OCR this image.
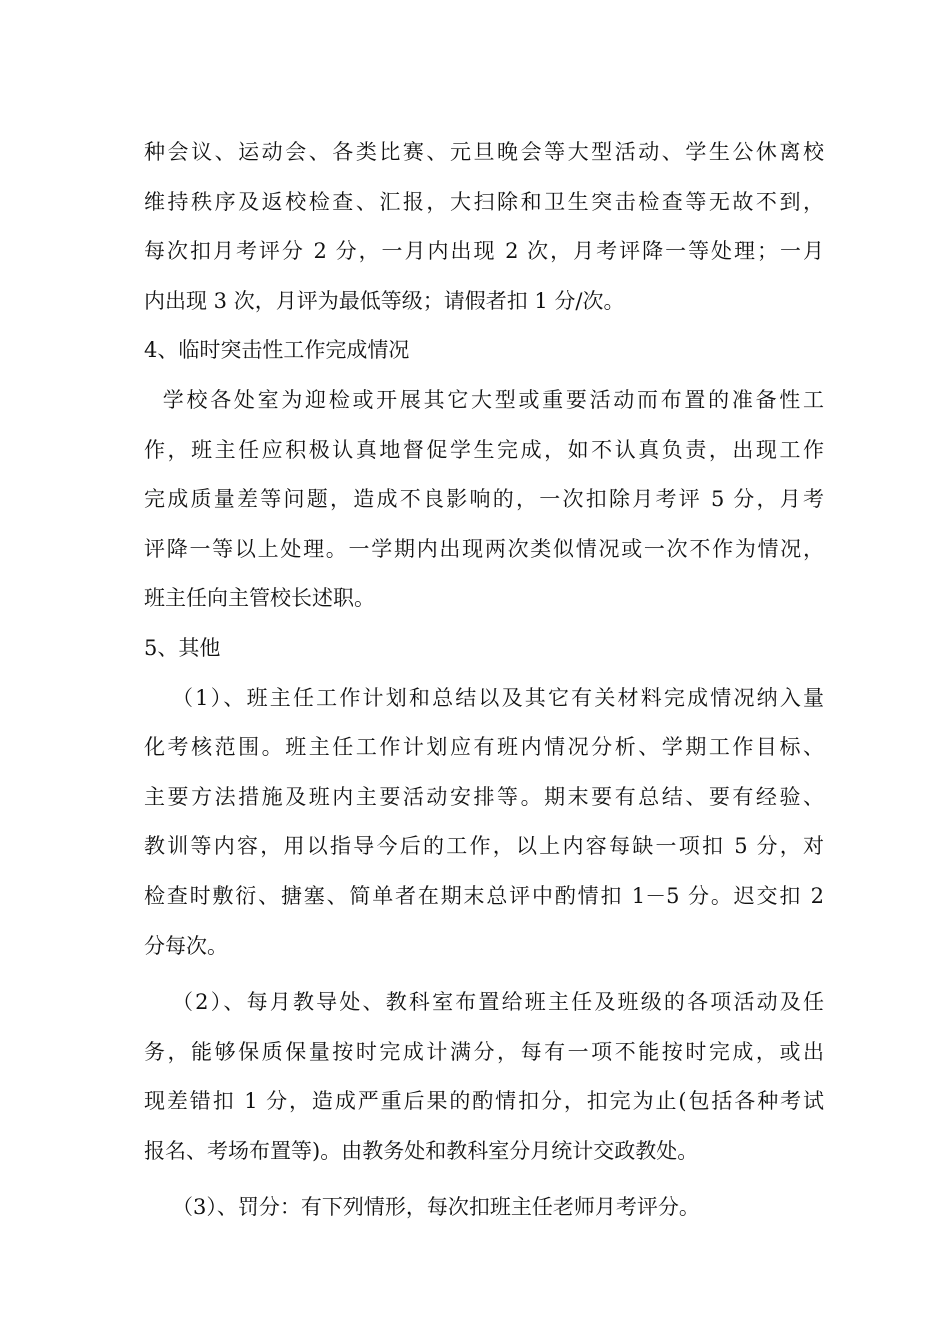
种会议、运动会、各类比赛、元旦晚会等大型活动、学生公休离校
维持秩序及返校检查、汇报，大扫除和卫生突击检查等无故不到，
每次扣月考评分 2 分，一月内出现 2 次，月考评降一等处理；一月
内出现 3 次，月评为最低等级；请假者扣 1 分/次。
4、临时突击性工作完成情况
学校各处室为迎检或开展其它大型或重要活动而布置的准备性工
作，班主任应积极认真地督促学生完成，如不认真负责，出现工作
完成质量差等问题，造成不良影响的，一次扣除月考评 5 分，月考
评降一等以上处理。一学期内出现两次类似情况或一次不作为情况，
班主任向主管校长述职。
5、其他
（1）、班主任工作计划和总结以及其它有关材料完成情况纳入量
化考核范围。班主任工作计划应有班内情况分析、学期工作目标、
主要方法措施及班内主要活动安排等。期末要有总结、要有经验、
教训等内容，用以指导今后的工作，以上内容每缺一项扣 5 分，对
检查时敷衍、搪塞、简单者在期末总评中酌情扣 1－5 分。迟交扣 2
分每次。
（2）、每月教导处、教科室布置给班主任及班级的各项活动及任
务，能够保质保量按时完成计满分，每有一项不能按时完成，或出
现差错扣 1 分，造成严重后果的酌情扣分，扣完为止(包括各种考试
报名、考场布置等)。由教务处和教科室分月统计交政教处。
（3）、罚分：有下列情形，每次扣班主任老师月考评分。
